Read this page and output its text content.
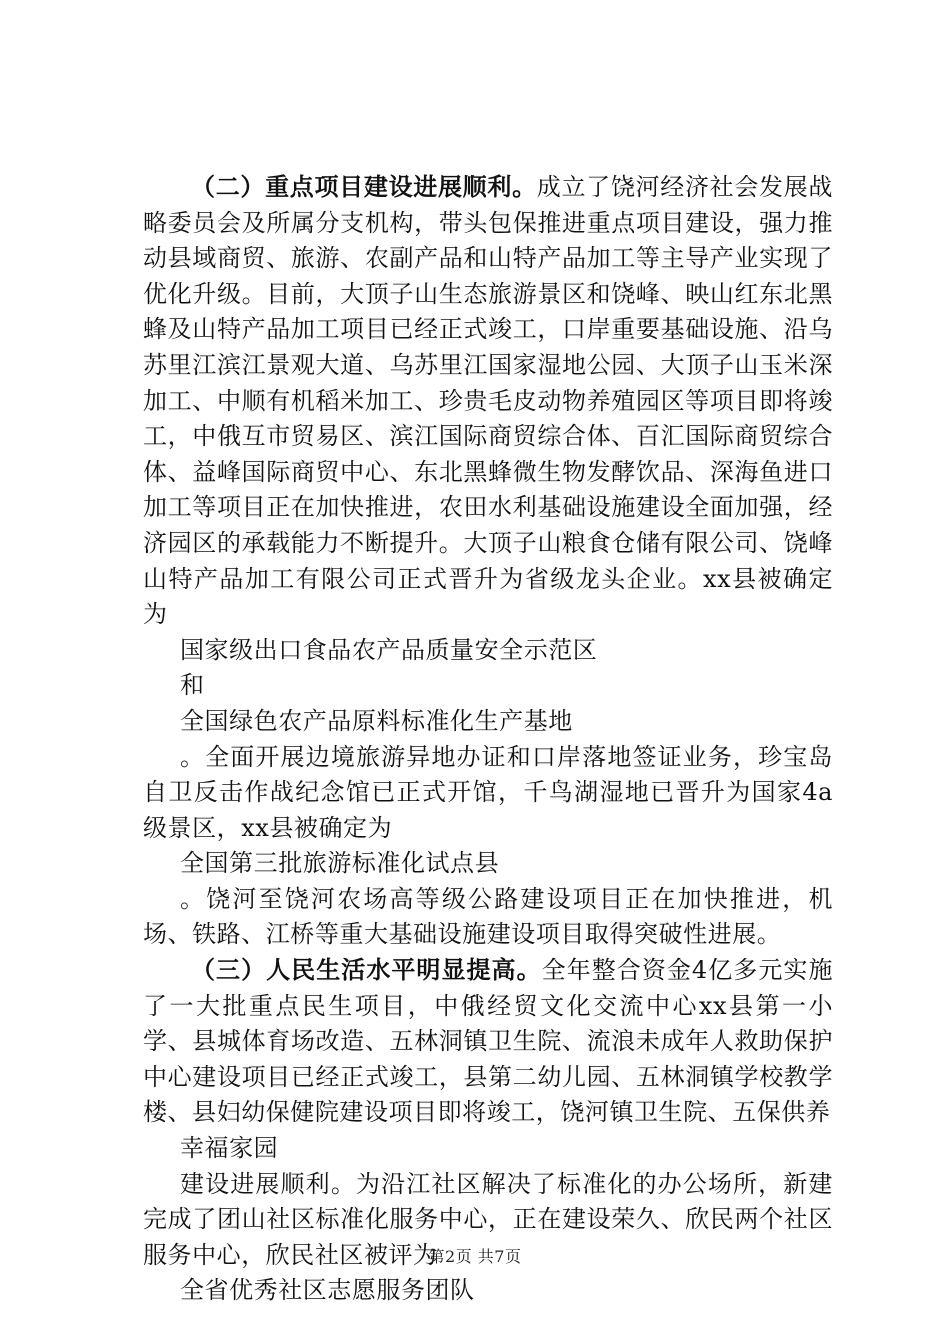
（二）重点项目建设进展顺利。成立了饶河经济社会发展战略委员会及所属分支机构，带头包保推进重点项目建设，强力推动县域商贸、旅游、农副产品和山特产品加工等主导产业实现了优化升级。目前，大顶子山生态旅游景区和饶峰、映山红东北黑蜂及山特产品加工项目已经正式竣工，口岸重要基础设施、沿乌苏里江滨江景观大道、乌苏里江国家湿地公园、大顶子山玉米深加工、中顺有机稻米加工、珍贵毛皮动物养殖园区等项目即将竣工，中俄互市贸易区、滨江国际商贸综合体、百汇国际商贸综合体、益峰国际商贸中心、东北黑蜂微生物发酵饮品、深海鱼进口加工等项目正在加快推进，农田水利基础设施建设全面加强，经济园区的承载能力不断提升。大顶子山粮食仓储有限公司、饶峰山特产品加工有限公司正式晋升为省级龙头企业。xx县被确定为

国家级出口食品农产品质量安全示范区

和

全国绿色农产品原料标准化生产基地

。全面开展边境旅游异地办证和口岸落地签证业务，珍宝岛自卫反击作战纪念馆已正式开馆，千鸟湖湿地已晋升为国家4a级景区，xx县被确定为

全国第三批旅游标准化试点县

。饶河至饶河农场高等级公路建设项目正在加快推进，机场、铁路、江桥等重大基础设施建设项目取得突破性进展。

（三）人民生活水平明显提高。全年整合资金4亿多元实施了一大批重点民生项目，中俄经贸文化交流中心xx县第一小学、县城体育场改造、五林洞镇卫生院、流浪未成年人救助保护中心建设项目已经正式竣工，县第二幼儿园、五林洞镇学校教学楼、县妇幼保健院建设项目即将竣工，饶河镇卫生院、五保供养

幸福家园

建设进展顺利。为沿江社区解决了标准化的办公场所，新建完成了团山社区标准化服务中心，正在建设荣久、欣民两个社区服务中心，欣民社区被评为

全省优秀社区志愿服务团队

第2页 共7页
